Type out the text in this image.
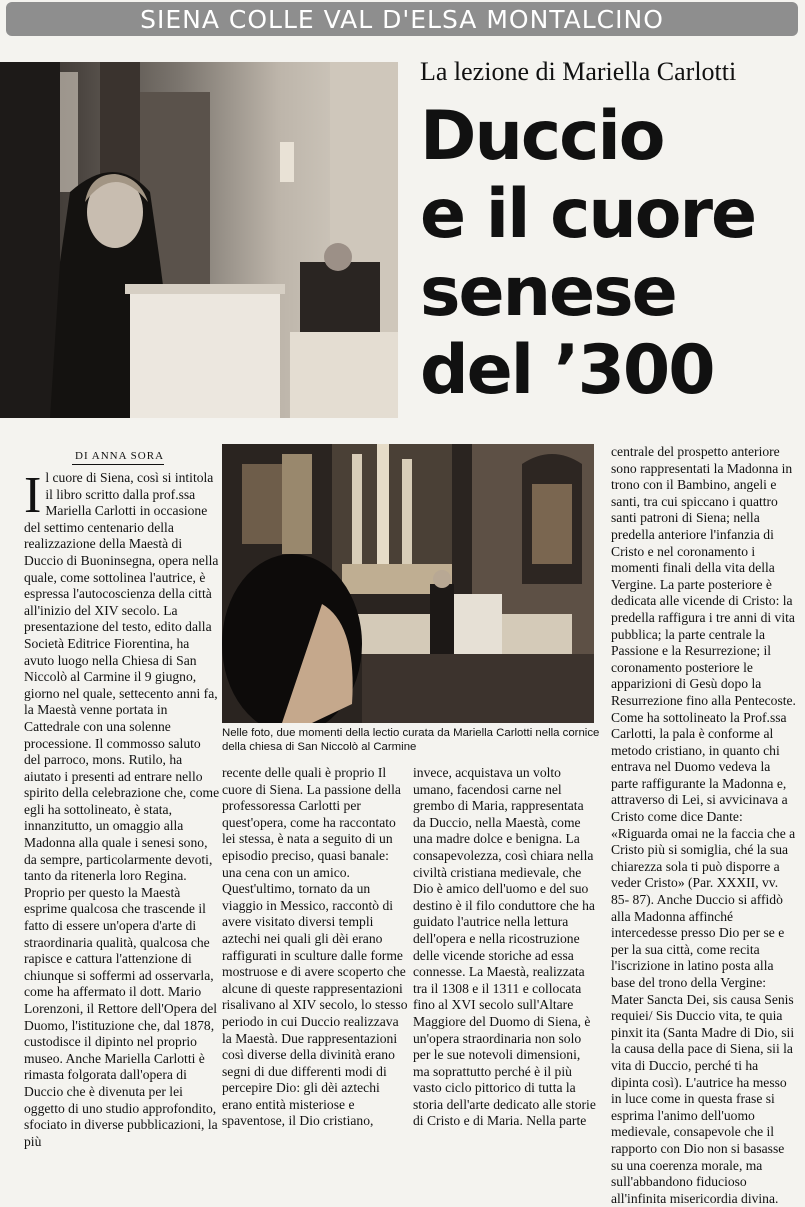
SIENA COLLE VAL D'ELSA MONTALCINO
La lezione di Mariella Carlotti
Duccio
e il cuore
senese
del ’300
DI ANNA SORA
I l cuore di Siena, così si intitola il libro scritto dalla prof.ssa Mariella Carlotti in occasione del settimo centenario della realizzazione della Maestà di Duccio di Buoninsegna, opera nella quale, come sottolinea l'autrice, è espressa l'autocoscienza della città all'inizio del XIV secolo. La presentazione del testo, edito dalla Società Editrice Fiorentina, ha avuto luogo nella Chiesa di San Niccolò al Carmine il 9 giugno, giorno nel quale, settecento anni fa, la Maestà venne portata in Cattedrale con una solenne processione. Il commosso saluto del parroco, mons. Rutilo, ha aiutato i presenti ad entrare nello spirito della celebrazione che, come egli ha sottolineato, è stata, innanzitutto, un omaggio alla Madonna alla quale i senesi sono, da sempre, particolarmente devoti, tanto da ritenerla loro Regina. Proprio per questo la Maestà esprime qualcosa che trascende il fatto di essere un'opera d'arte di straordinaria qualità, qualcosa che rapisce e cattura l'attenzione di chiunque si soffermi ad osservarla, come ha affermato il dott. Mario Lorenzoni, il Rettore dell'Opera del Duomo, l'istituzione che, dal 1878, custodisce il dipinto nel proprio museo. Anche Mariella Carlotti è rimasta folgorata dall'opera di Duccio che è divenuta per lei oggetto di uno studio approfondito, sfociato in diverse pubblicazioni, la più
Nelle foto, due momenti della lectio curata da Mariella Carlotti nella cornice della chiesa di San Niccolò al Carmine
recente delle quali è proprio Il cuore di Siena. La passione della professoressa Carlotti per quest'opera, come ha raccontato lei stessa, è nata a seguito di un episodio preciso, quasi banale: una cena con un amico. Quest'ultimo, tornato da un viaggio in Messico, raccontò di avere visitato diversi templi aztechi nei quali gli dèi erano raffigurati in sculture dalle forme mostruose e di avere scoperto che alcune di queste rappresentazioni risalivano al XIV secolo, lo stesso periodo in cui Duccio realizzava la Maestà. Due rappresentazioni così diverse della divinità erano segni di due differenti modi di percepire Dio: gli dèi aztechi erano entità misteriose e spaventose, il Dio cristiano,
invece, acquistava un volto umano, facendosi carne nel grembo di Maria, rappresentata da Duccio, nella Maestà, come una madre dolce e benigna. La consapevolezza, così chiara nella civiltà cristiana medievale, che Dio è amico dell'uomo e del suo destino è il filo conduttore che ha guidato l'autrice nella lettura dell'opera e nella ricostruzione delle vicende storiche ad essa connesse. La Maestà, realizzata tra il 1308 e il 1311 e collocata fino al XVI secolo sull'Altare Maggiore del Duomo di Siena, è un'opera straordinaria non solo per le sue notevoli dimensioni, ma soprattutto perché è il più vasto ciclo pittorico di tutta la storia dell'arte dedicato alle storie di Cristo e di Maria. Nella parte
centrale del prospetto anteriore sono rappresentati la Madonna in trono con il Bambino, angeli e santi, tra cui spiccano i quattro santi patroni di Siena; nella predella anteriore l'infanzia di Cristo e nel coronamento i momenti finali della vita della Vergine. La parte posteriore è dedicata alle vicende di Cristo: la predella raffigura i tre anni di vita pubblica; la parte centrale la Passione e la Resurrezione; il coronamento posteriore le apparizioni di Gesù dopo la Resurrezione fino alla Pentecoste. Come ha sottolineato la Prof.ssa Carlotti, la pala è conforme al metodo cristiano, in quanto chi entrava nel Duomo vedeva la parte raffigurante la Madonna e, attraverso di Lei, si avvicinava a Cristo come dice Dante: «Riguarda omai ne la faccia che a Cristo più si somiglia, ché la sua chiarezza sola ti può disporre a veder Cristo» (Par. XXXII, vv. 85- 87). Anche Duccio si affidò alla Madonna affinché intercedesse presso Dio per se e per la sua città, come recita l'iscrizione in latino posta alla base del trono della Vergine: Mater Sancta Dei, sis causa Senis requiei/ Sis Duccio vita, te quia pinxit ita (Santa Madre di Dio, sii la causa della pace di Siena, sii la vita di Duccio, perché ti ha dipinta così). L'autrice ha messo in luce come in questa frase si esprima l'animo dell'uomo medievale, consapevole che il rapporto con Dio non si basasse su una coerenza morale, ma sull'abbandono fiducioso all'infinita misericordia divina.
